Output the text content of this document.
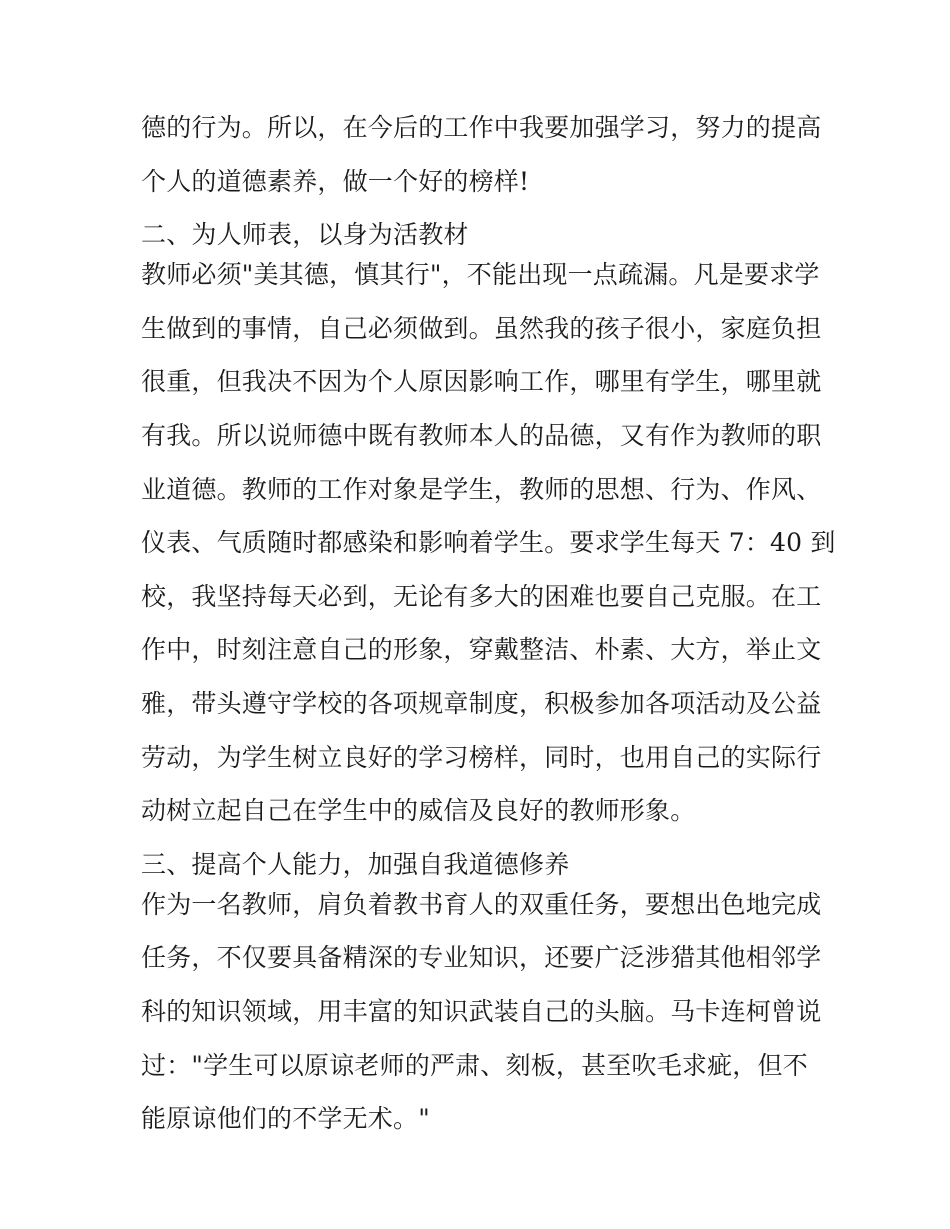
德的行为。所以，在今后的工作中我要加强学习，努力的提高
个人的道德素养，做一个好的榜样!
二、为人师表，以身为活教材
教师必须"美其德，慎其行"，不能出现一点疏漏。凡是要求学
生做到的事情，自己必须做到。虽然我的孩子很小，家庭负担
很重，但我决不因为个人原因影响工作，哪里有学生，哪里就
有我。所以说师德中既有教师本人的品德，又有作为教师的职
业道德。教师的工作对象是学生，教师的思想、行为、作风、
仪表、气质随时都感染和影响着学生。要求学生每天 7：40 到
校，我坚持每天必到，无论有多大的困难也要自己克服。在工
作中，时刻注意自己的形象，穿戴整洁、朴素、大方，举止文
雅，带头遵守学校的各项规章制度，积极参加各项活动及公益
劳动，为学生树立良好的学习榜样，同时，也用自己的实际行
动树立起自己在学生中的威信及良好的教师形象。
三、提高个人能力，加强自我道德修养
作为一名教师，肩负着教书育人的双重任务，要想出色地完成
任务，不仅要具备精深的专业知识，还要广泛涉猎其他相邻学
科的知识领域，用丰富的知识武装自己的头脑。马卡连柯曾说
过："学生可以原谅老师的严肃、刻板，甚至吹毛求疵，但不
能原谅他们的不学无术。"
